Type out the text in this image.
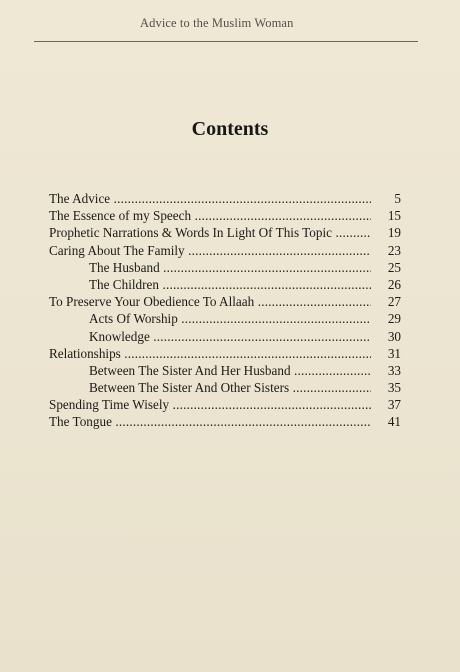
Advice to the Muslim Woman
Contents
The Advice .....	5
The Essence of my Speech .....	15
Prophetic Narrations & Words In Light Of This Topic .....	19
Caring About The Family .....	23
The Husband .....	25
The Children .....	26
To Preserve Your Obedience To Allaah .....	27
Acts Of Worship .....	29
Knowledge .....	30
Relationships .....	31
Between The Sister And Her Husband .....	33
Between The Sister And Other Sisters .....	35
Spending Time Wisely .....	37
The Tongue .....	41
